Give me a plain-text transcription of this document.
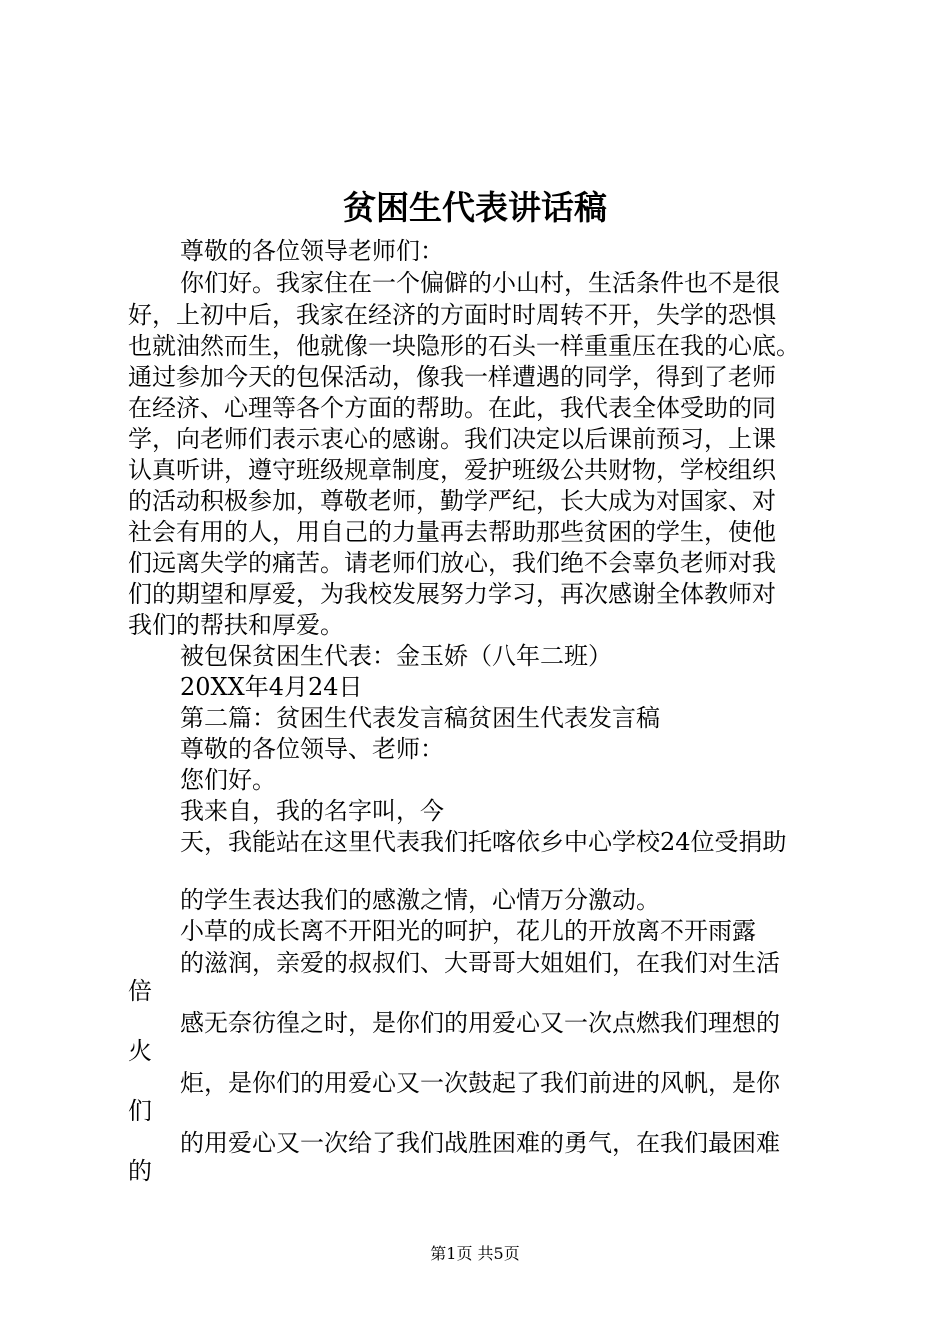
贫困生代表讲话稿
尊敬的各位领导老师们：
你们好。我家住在一个偏僻的小山村，生活条件也不是很
好，上初中后，我家在经济的方面时时周转不开，失学的恐惧
也就油然而生，他就像一块隐形的石头一样重重压在我的心底。
通过参加今天的包保活动，像我一样遭遇的同学，得到了老师
在经济、心理等各个方面的帮助。在此，我代表全体受助的同
学，向老师们表示衷心的感谢。我们决定以后课前预习，上课
认真听讲，遵守班级规章制度，爱护班级公共财物，学校组织
的活动积极参加，尊敬老师，勤学严纪，长大成为对国家、对
社会有用的人，用自己的力量再去帮助那些贫困的学生，使他
们远离失学的痛苦。请老师们放心，我们绝不会辜负老师对我
们的期望和厚爱，为我校发展努力学习，再次感谢全体教师对
我们的帮扶和厚爱。
被包保贫困生代表：金玉娇（八年二班）
20XX年4月24日
第二篇：贫困生代表发言稿贫困生代表发言稿
尊敬的各位领导、老师：
您们好。
我来自，我的名字叫，今
天，我能站在这里代表我们托喀依乡中心学校24位受捐助
的学生表达我们的感激之情，心情万分激动。
小草的成长离不开阳光的呵护，花儿的开放离不开雨露
的滋润，亲爱的叔叔们、大哥哥大姐姐们，在我们对生活
倍
感无奈彷徨之时，是你们的用爱心又一次点燃我们理想的
火
炬，是你们的用爱心又一次鼓起了我们前进的风帆，是你
们
的用爱心又一次给了我们战胜困难的勇气，在我们最困难
的
第1页 共5页
